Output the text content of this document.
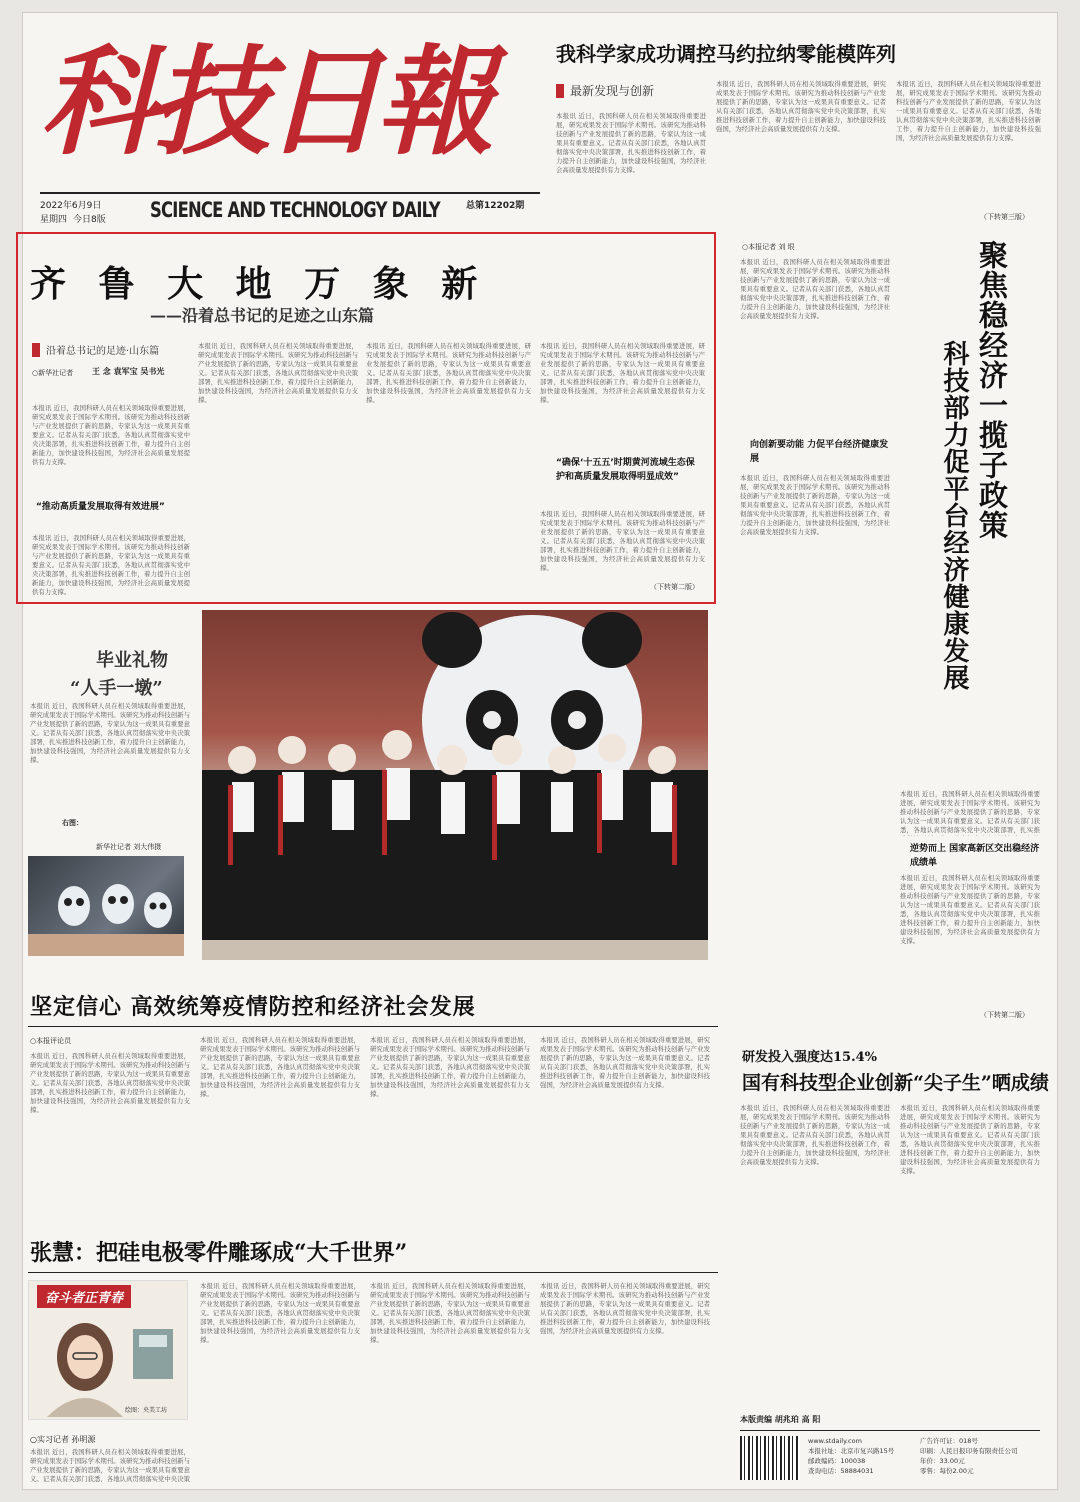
科技日報
2022年6月9日
星期四 今日8版 SCIENCE AND TECHNOLOGY DAILY	总第12202期
我科学家成功调控马约拉纳零能模阵列
最新发现与创新
本报讯 近日，我国科研人员在相关领域取得重要进展，研究成果发表于国际学术期刊。该研究为推动科技创新与产业发展提供了新的思路，专家认为这一成果具有重要意义。记者从有关部门获悉，各地认真贯彻落实党中央决策部署，扎实推进科技创新工作，着力提升自主创新能力，加快建设科技强国，为经济社会高质量发展提供有力支撑。
本报讯 近日，我国科研人员在相关领域取得重要进展，研究成果发表于国际学术期刊。该研究为推动科技创新与产业发展提供了新的思路，专家认为这一成果具有重要意义。记者从有关部门获悉，各地认真贯彻落实党中央决策部署，扎实推进科技创新工作，着力提升自主创新能力，加快建设科技强国，为经济社会高质量发展提供有力支撑。
本报讯 近日，我国科研人员在相关领域取得重要进展，研究成果发表于国际学术期刊。该研究为推动科技创新与产业发展提供了新的思路，专家认为这一成果具有重要意义。记者从有关部门获悉，各地认真贯彻落实党中央决策部署，扎实推进科技创新工作，着力提升自主创新能力，加快建设科技强国，为经济社会高质量发展提供有力支撑。
（下转第三版）
齐 鲁 大 地 万 象 新
——沿着总书记的足迹之山东篇
沿着总书记的足迹·山东篇
○新华社记者 王 念 袁军宝 吴书光
本报讯 近日，我国科研人员在相关领域取得重要进展，研究成果发表于国际学术期刊。该研究为推动科技创新与产业发展提供了新的思路，专家认为这一成果具有重要意义。记者从有关部门获悉，各地认真贯彻落实党中央决策部署，扎实推进科技创新工作，着力提升自主创新能力，加快建设科技强国，为经济社会高质量发展提供有力支撑。
“推动高质量发展取得有效进展”
本报讯 近日，我国科研人员在相关领域取得重要进展，研究成果发表于国际学术期刊。该研究为推动科技创新与产业发展提供了新的思路，专家认为这一成果具有重要意义。记者从有关部门获悉，各地认真贯彻落实党中央决策部署，扎实推进科技创新工作，着力提升自主创新能力，加快建设科技强国，为经济社会高质量发展提供有力支撑。
本报讯 近日，我国科研人员在相关领域取得重要进展，研究成果发表于国际学术期刊。该研究为推动科技创新与产业发展提供了新的思路，专家认为这一成果具有重要意义。记者从有关部门获悉，各地认真贯彻落实党中央决策部署，扎实推进科技创新工作，着力提升自主创新能力，加快建设科技强国，为经济社会高质量发展提供有力支撑。
本报讯 近日，我国科研人员在相关领域取得重要进展，研究成果发表于国际学术期刊。该研究为推动科技创新与产业发展提供了新的思路，专家认为这一成果具有重要意义。记者从有关部门获悉，各地认真贯彻落实党中央决策部署，扎实推进科技创新工作，着力提升自主创新能力，加快建设科技强国，为经济社会高质量发展提供有力支撑。
本报讯 近日，我国科研人员在相关领域取得重要进展，研究成果发表于国际学术期刊。该研究为推动科技创新与产业发展提供了新的思路，专家认为这一成果具有重要意义。记者从有关部门获悉，各地认真贯彻落实党中央决策部署，扎实推进科技创新工作，着力提升自主创新能力，加快建设科技强国，为经济社会高质量发展提供有力支撑。
“确保‘十五五’时期黄河流域生态保护和高质量发展取得明显成效”
本报讯 近日，我国科研人员在相关领域取得重要进展，研究成果发表于国际学术期刊。该研究为推动科技创新与产业发展提供了新的思路，专家认为这一成果具有重要意义。记者从有关部门获悉，各地认真贯彻落实党中央决策部署，扎实推进科技创新工作，着力提升自主创新能力，加快建设科技强国，为经济社会高质量发展提供有力支撑。
（下转第二版）
○本报记者 刘 垠
本报讯 近日，我国科研人员在相关领域取得重要进展，研究成果发表于国际学术期刊。该研究为推动科技创新与产业发展提供了新的思路，专家认为这一成果具有重要意义。记者从有关部门获悉，各地认真贯彻落实党中央决策部署，扎实推进科技创新工作，着力提升自主创新能力，加快建设科技强国，为经济社会高质量发展提供有力支撑。
向创新要动能 力促平台经济健康发展
本报讯 近日，我国科研人员在相关领域取得重要进展，研究成果发表于国际学术期刊。该研究为推动科技创新与产业发展提供了新的思路，专家认为这一成果具有重要意义。记者从有关部门获悉，各地认真贯彻落实党中央决策部署，扎实推进科技创新工作，着力提升自主创新能力，加快建设科技强国，为经济社会高质量发展提供有力支撑。	聚焦稳经济一揽子政策
科技部力促平台经济健康发展
本报讯 近日，我国科研人员在相关领域取得重要进展，研究成果发表于国际学术期刊。该研究为推动科技创新与产业发展提供了新的思路，专家认为这一成果具有重要意义。记者从有关部门获悉，各地认真贯彻落实党中央决策部署，扎实推
逆势而上 国家高新区交出稳经济成绩单
本报讯 近日，我国科研人员在相关领域取得重要进展，研究成果发表于国际学术期刊。该研究为推动科技创新与产业发展提供了新的思路，专家认为这一成果具有重要意义。记者从有关部门获悉，各地认真贯彻落实党中央决策部署，扎实推进科技创新工作，着力提升自主创新能力，加快建设科技强国，为经济社会高质量发展提供有力支撑。
（下转第二版）
毕业礼物
“人手一墩”
本报讯 近日，我国科研人员在相关领域取得重要进展，研究成果发表于国际学术期刊。该研究为推动科技创新与产业发展提供了新的思路，专家认为这一成果具有重要意义。记者从有关部门获悉，各地认真贯彻落实党中央决策部署，扎实推进科技创新工作，着力提升自主创新能力，加快建设科技强国，为经济社会高质量发展提供有力支撑。
右图：
新华社记者 刘大伟摄
坚定信心 高效统筹疫情防控和经济社会发展
○本报评论员
本报讯 近日，我国科研人员在相关领域取得重要进展，研究成果发表于国际学术期刊。该研究为推动科技创新与产业发展提供了新的思路，专家认为这一成果具有重要意义。记者从有关部门获悉，各地认真贯彻落实党中央决策部署，扎实推进科技创新工作，着力提升自主创新能力，加快建设科技强国，为经济社会高质量发展提供有力支撑。
本报讯 近日，我国科研人员在相关领域取得重要进展，研究成果发表于国际学术期刊。该研究为推动科技创新与产业发展提供了新的思路，专家认为这一成果具有重要意义。记者从有关部门获悉，各地认真贯彻落实党中央决策部署，扎实推进科技创新工作，着力提升自主创新能力，加快建设科技强国，为经济社会高质量发展提供有力支撑。
本报讯 近日，我国科研人员在相关领域取得重要进展，研究成果发表于国际学术期刊。该研究为推动科技创新与产业发展提供了新的思路，专家认为这一成果具有重要意义。记者从有关部门获悉，各地认真贯彻落实党中央决策部署，扎实推进科技创新工作，着力提升自主创新能力，加快建设科技强国，为经济社会高质量发展提供有力支撑。
本报讯 近日，我国科研人员在相关领域取得重要进展，研究成果发表于国际学术期刊。该研究为推动科技创新与产业发展提供了新的思路，专家认为这一成果具有重要意义。记者从有关部门获悉，各地认真贯彻落实党中央决策部署，扎实推进科技创新工作，着力提升自主创新能力，加快建设科技强国，为经济社会高质量发展提供有力支撑。
研发投入强度达15.4%
国有科技型企业创新“尖子生”晒成绩
本报讯 近日，我国科研人员在相关领域取得重要进展，研究成果发表于国际学术期刊。该研究为推动科技创新与产业发展提供了新的思路，专家认为这一成果具有重要意义。记者从有关部门获悉，各地认真贯彻落实党中央决策部署，扎实推进科技创新工作，着力提升自主创新能力，加快建设科技强国，为经济社会高质量发展提供有力支撑。
本报讯 近日，我国科研人员在相关领域取得重要进展，研究成果发表于国际学术期刊。该研究为推动科技创新与产业发展提供了新的思路，专家认为这一成果具有重要意义。记者从有关部门获悉，各地认真贯彻落实党中央决策部署，扎实推进科技创新工作，着力提升自主创新能力，加快建设科技强国，为经济社会高质量发展提供有力支撑。
本版责编 胡兆珀 高 阳
张慧：把硅电极零件雕琢成“大千世界”
奋斗者正青春
绘图：央美工坊
○实习记者 孙明源
本报讯 近日，我国科研人员在相关领域取得重要进展，研究成果发表于国际学术期刊。该研究为推动科技创新与产业发展提供了新的思路，专家认为这一成果具有重要意义。记者从有关部门获悉，各地认真贯彻落实党中央决策
本报讯 近日，我国科研人员在相关领域取得重要进展，研究成果发表于国际学术期刊。该研究为推动科技创新与产业发展提供了新的思路，专家认为这一成果具有重要意义。记者从有关部门获悉，各地认真贯彻落实党中央决策部署，扎实推进科技创新工作，着力提升自主创新能力，加快建设科技强国，为经济社会高质量发展提供有力支撑。
本报讯 近日，我国科研人员在相关领域取得重要进展，研究成果发表于国际学术期刊。该研究为推动科技创新与产业发展提供了新的思路，专家认为这一成果具有重要意义。记者从有关部门获悉，各地认真贯彻落实党中央决策部署，扎实推进科技创新工作，着力提升自主创新能力，加快建设科技强国，为经济社会高质量发展提供有力支撑。
本报讯 近日，我国科研人员在相关领域取得重要进展，研究成果发表于国际学术期刊。该研究为推动科技创新与产业发展提供了新的思路，专家认为这一成果具有重要意义。记者从有关部门获悉，各地认真贯彻落实党中央决策部署，扎实推进科技创新工作，着力提升自主创新能力，加快建设科技强国，为经济社会高质量发展提供有力支撑。
www.stdaily.com
本报社址：北京市复兴路15号
邮政编码：100038
查询电话：58884031
广告许可证：018号
印刷：人民日报印务有限责任公司
年价：33.00元
零售：每份2.00元
